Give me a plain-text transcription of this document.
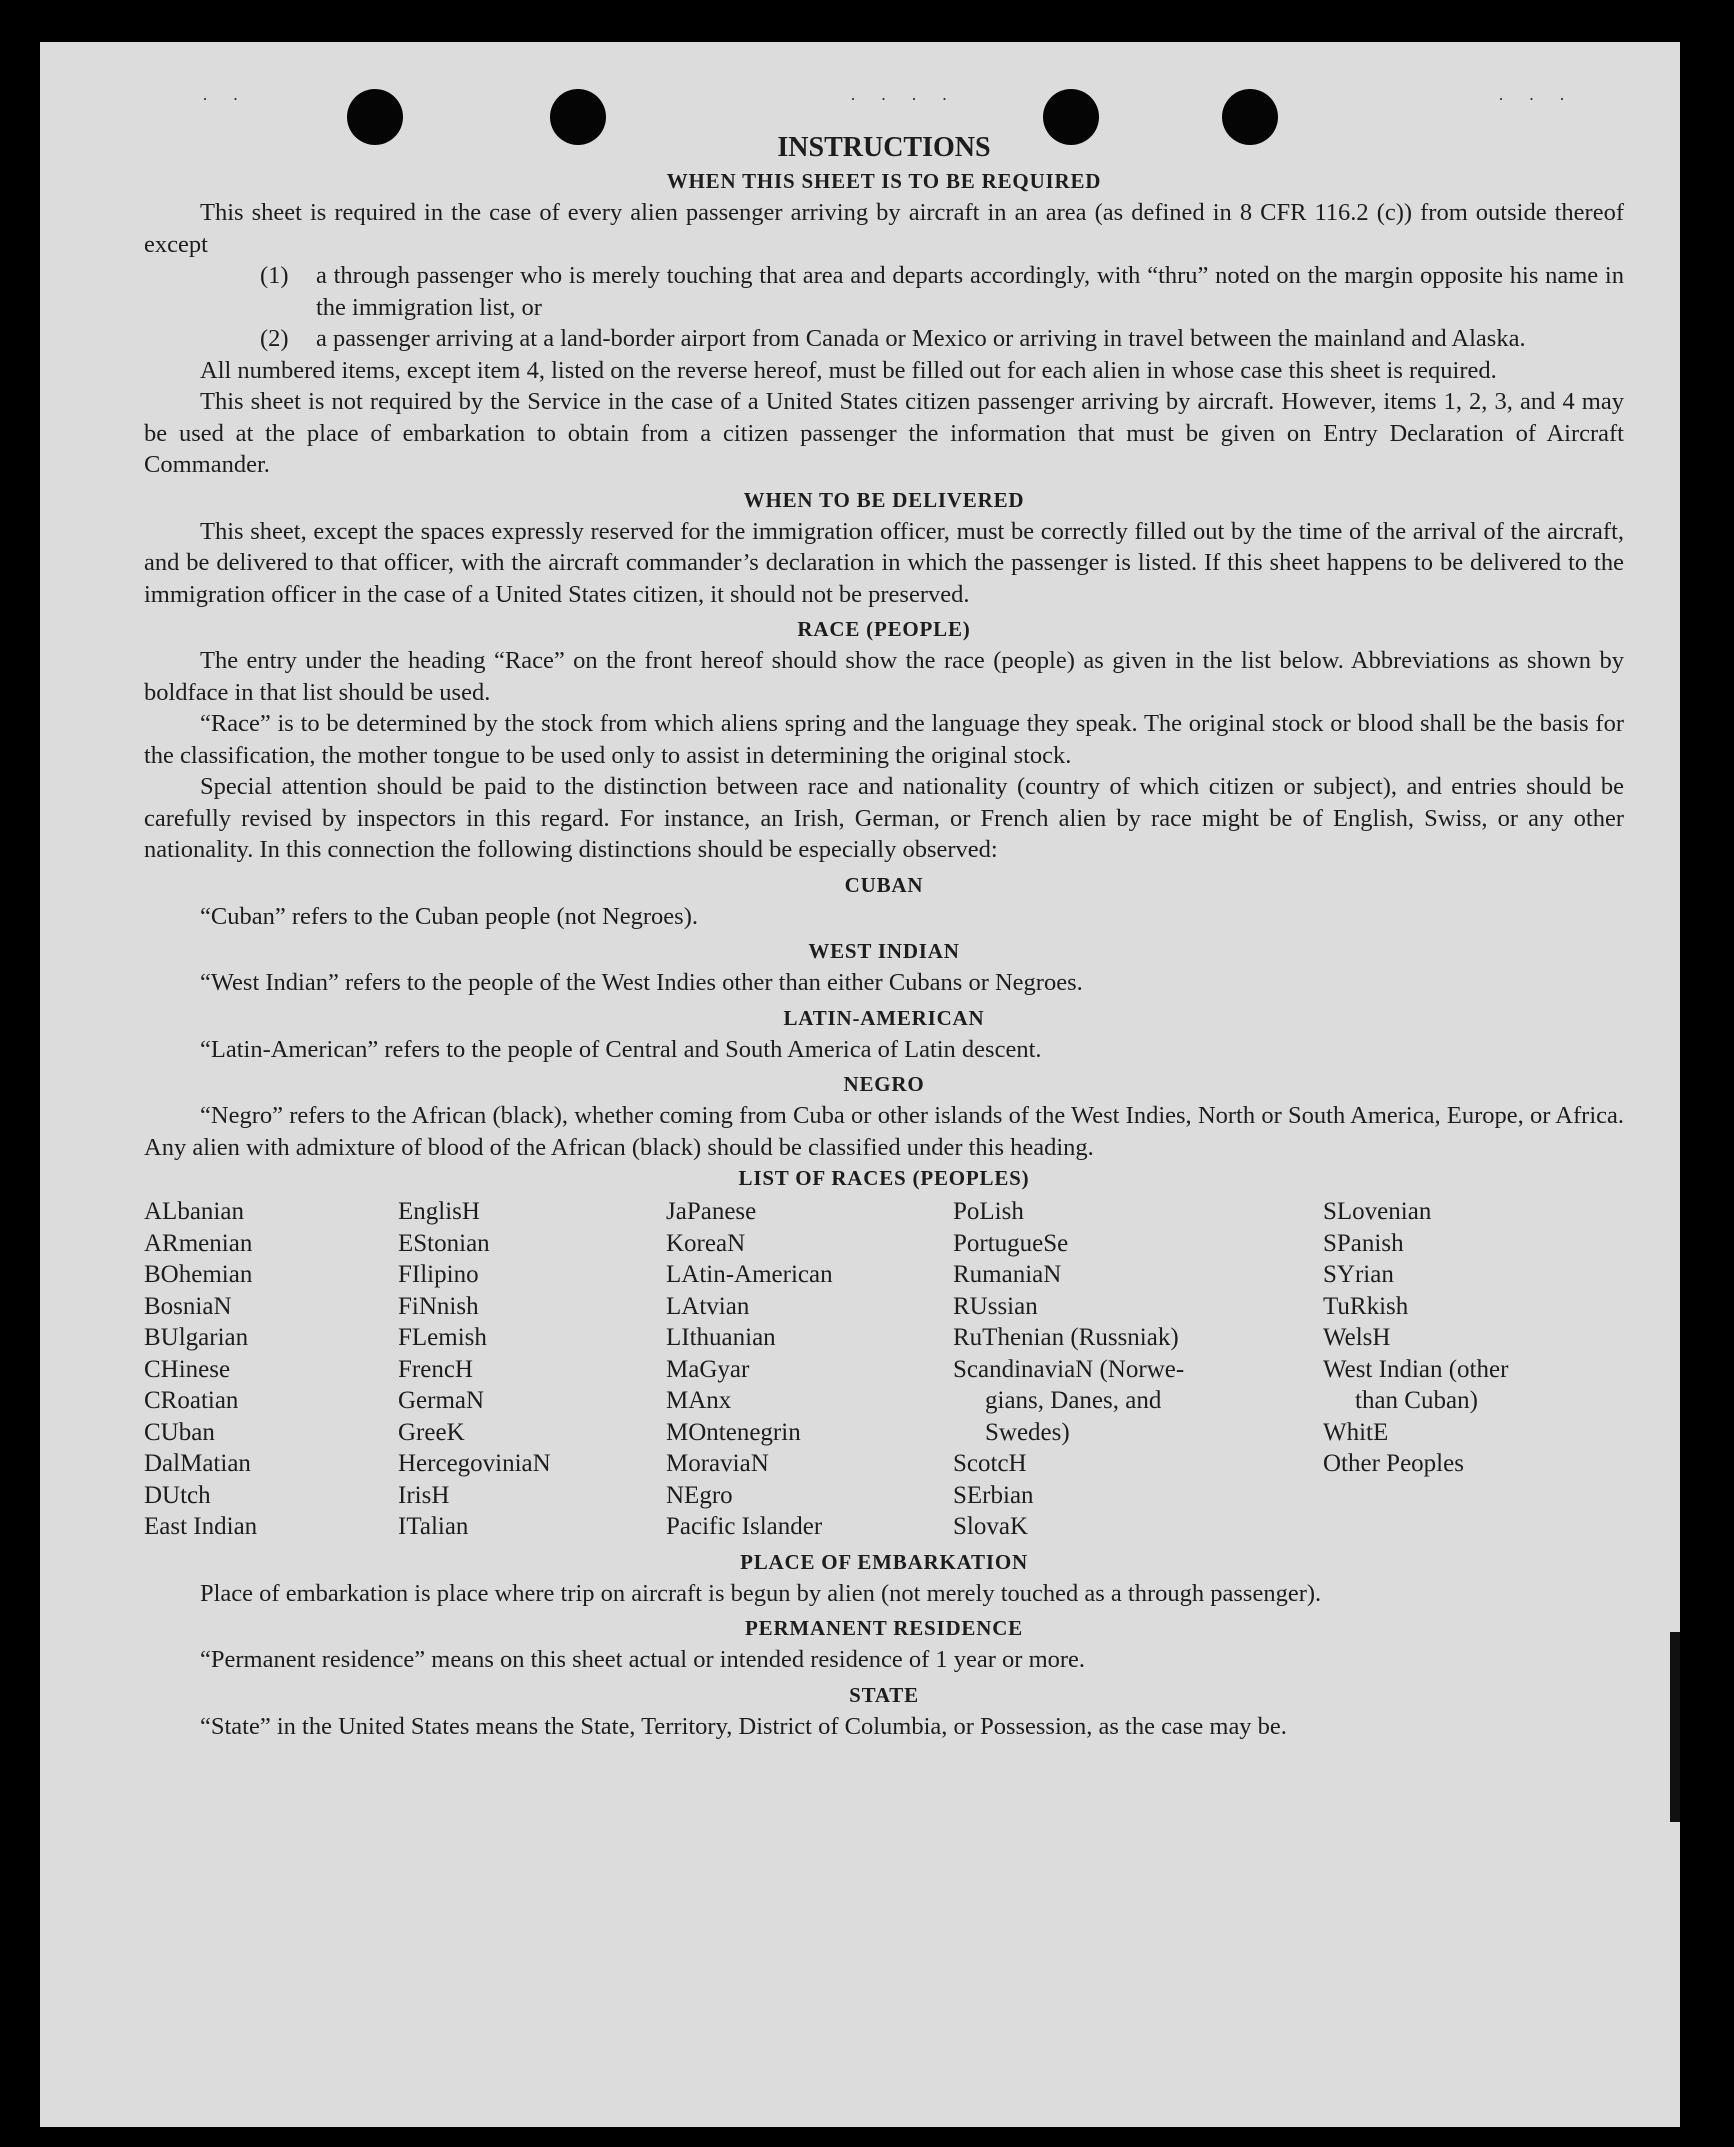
· ·	· · · ·	· · ·
INSTRUCTIONS
WHEN THIS SHEET IS TO BE REQUIRED

This sheet is required in the case of every alien passenger arriving by aircraft in an area (as defined in 8 CFR 116.2 (c)) from outside thereof except

(1)	a through passenger who is merely touching that area and departs accordingly, with “thru” noted on the margin opposite his name in the immigration list, or
(2)	a passenger arriving at a land-border airport from Canada or Mexico or arriving in travel between the mainland and Alaska.

All numbered items, except item 4, listed on the reverse hereof, must be filled out for each alien in whose case this sheet is required.

This sheet is not required by the Service in the case of a United States citizen passenger arriving by aircraft. However, items 1, 2, 3, and 4 may be used at the place of embarkation to obtain from a citizen passenger the information that must be given on Entry Declaration of Aircraft Commander.

WHEN TO BE DELIVERED

This sheet, except the spaces expressly reserved for the immigration officer, must be correctly filled out by the time of the arrival of the aircraft, and be delivered to that officer, with the aircraft commander’s declaration in which the passenger is listed. If this sheet happens to be delivered to the immigration officer in the case of a United States citizen, it should not be preserved.

RACE (PEOPLE)

The entry under the heading “Race” on the front hereof should show the race (people) as given in the list below. Abbreviations as shown by boldface in that list should be used.

“Race” is to be determined by the stock from which aliens spring and the language they speak. The original stock or blood shall be the basis for the classification, the mother tongue to be used only to assist in determining the original stock.

Special attention should be paid to the distinction between race and nationality (country of which citizen or subject), and entries should be carefully revised by inspectors in this regard. For instance, an Irish, German, or French alien by race might be of English, Swiss, or any other nationality. In this connection the following distinctions should be especially observed:

CUBAN

“Cuban” refers to the Cuban people (not Negroes).

WEST INDIAN

“West Indian” refers to the people of the West Indies other than either Cubans or Negroes.

LATIN-AMERICAN

“Latin-American” refers to the people of Central and South America of Latin descent.

NEGRO

“Negro” refers to the African (black), whether coming from Cuba or other islands of the West Indies, North or South America, Europe, or Africa. Any alien with admixture of blood of the African (black) should be classified under this heading.

LIST OF RACES (PEOPLES)
ALbanian
ARmenian
BOhemian
BosniaN
BUlgarian
CHinese
CRoatian
CUban
DalMatian
DUtch
East Indian
EnglisH
EStonian
FIlipino
FiNnish
FLemish
FrencH
GermaN
GreeK
HercegoviniaN
IrisH
ITalian
JaPanese
KoreaN
LAtin-American
LAtvian
LIthuanian
MaGyar
MAnx
MOntenegrin
MoraviaN
NEgro
Pacific Islander
PoLish
PortugueSe
RumaniaN
RUssian
RuThenian (Russniak)
ScandinaviaN (Norwe-
gians, Danes, and
Swedes)
ScotcH
SErbian
SlovaK
SLovenian
SPanish
SYrian
TuRkish
WelsH
West Indian (other
than Cuban)
WhitE
Other Peoples
PLACE OF EMBARKATION

Place of embarkation is place where trip on aircraft is begun by alien (not merely touched as a through passenger).

PERMANENT RESIDENCE

“Permanent residence” means on this sheet actual or intended residence of 1 year or more.

STATE

“State” in the United States means the State, Territory, District of Columbia, or Possession, as the case may be.
